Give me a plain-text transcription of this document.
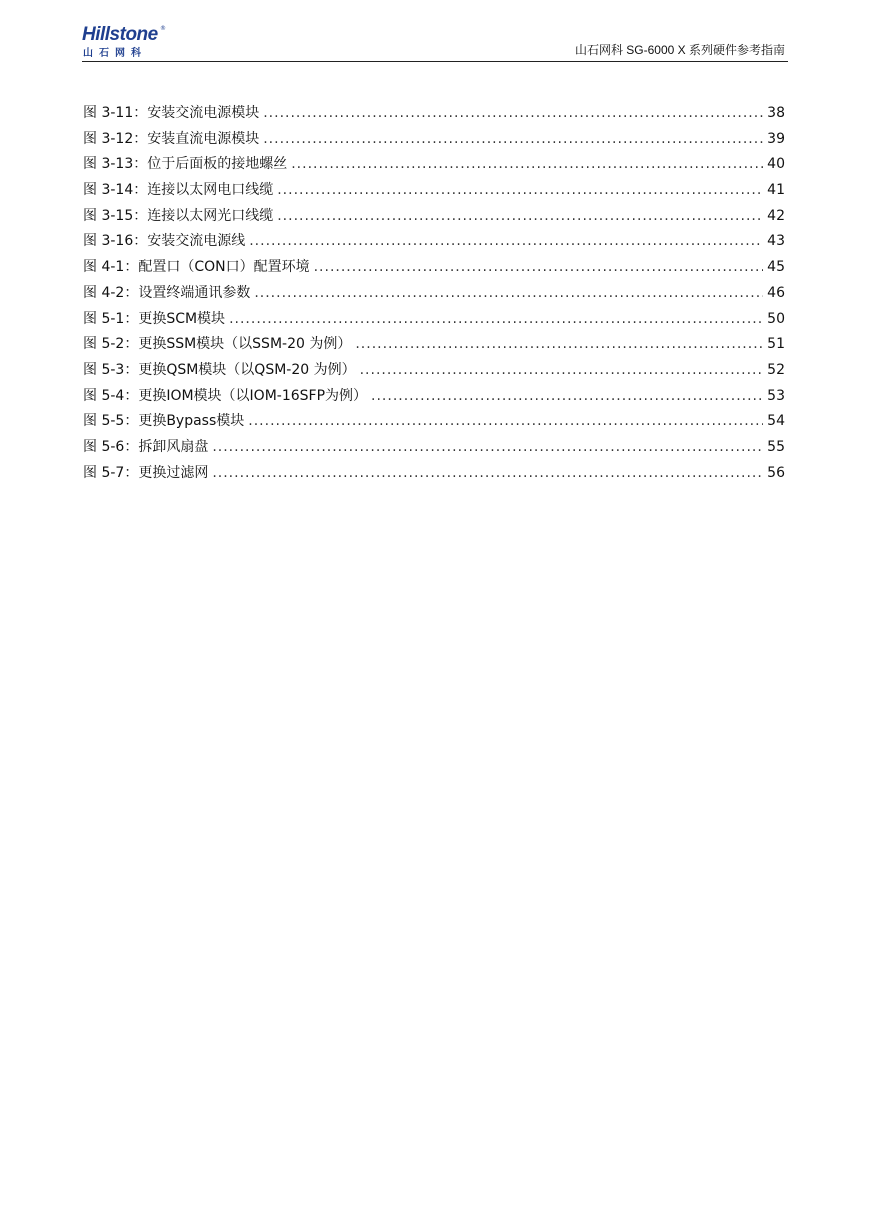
Hillstone ®
山石网科	山石网科 SG-6000 X 系列硬件参考指南
图 3-11：安装交流电源模块 .....	38
图 3-12：安装直流电源模块 .....	39
图 3-13：位于后面板的接地螺丝 .....	40
图 3-14：连接以太网电口线缆 .....	41
图 3-15：连接以太网光口线缆 .....	42
图 3-16：安装交流电源线 .....	43
图 4-1：配置口（CON口）配置环境 .....	45
图 4-2：设置终端通讯参数 .....	46
图 5-1：更换SCM模块 .....	50
图 5-2：更换SSM模块（以SSM-20 为例） .....	51
图 5-3：更换QSM模块（以QSM-20 为例） .....	52
图 5-4：更换IOM模块（以IOM-16SFP为例） .....	53
图 5-5：更换Bypass模块 .....	54
图 5-6：拆卸风扇盘 .....	55
图 5-7：更换过滤网 .....	56
